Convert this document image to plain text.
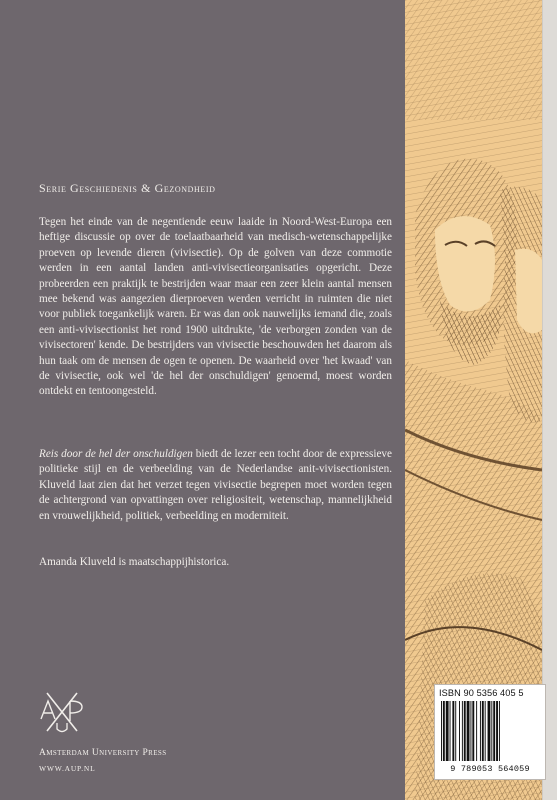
Serie Geschiedenis & Gezondheid

Tegen het einde van de negentiende eeuw laaide in Noord-West-Europa een heftige discussie op over de toelaatbaarheid van medisch-wetenschappelijke proeven op levende dieren (vivisectie). Op de golven van deze commotie werden in een aantal landen anti-vivisectieorganisaties opgericht. Deze probeerden een praktijk te bestrijden waar maar een zeer klein aantal mensen mee bekend was aangezien dierproeven werden verricht in ruimten die niet voor publiek toegankelijk waren. Er was dan ook nauwelijks iemand die, zoals een anti-vivisectionist het rond 1900 uitdrukte, 'de verborgen zonden van de vivisectoren' kende. De bestrijders van vivisectie beschouwden het daarom als hun taak om de mensen de ogen te openen. De waarheid over 'het kwaad' van de vivisectie, ook wel 'de hel der onschuldigen' genoemd, moest worden ontdekt en tentoongesteld.

Reis door de hel der onschuldigen biedt de lezer een tocht door de expressieve politieke stijl en de verbeelding van de Nederlandse anit-vivisectionisten. Kluveld laat zien dat het verzet tegen vivisectie begrepen moet worden tegen de achtergrond van opvattingen over religiositeit, wetenschap, mannelijkheid en vrouwelijkheid, politiek, verbeelding en moderniteit.

Amanda Kluveld is maatschappijhistorica.

Amsterdam University Press
WWW.AUP.NL
ISBN 90 5356 405 5
9 789053 564059
